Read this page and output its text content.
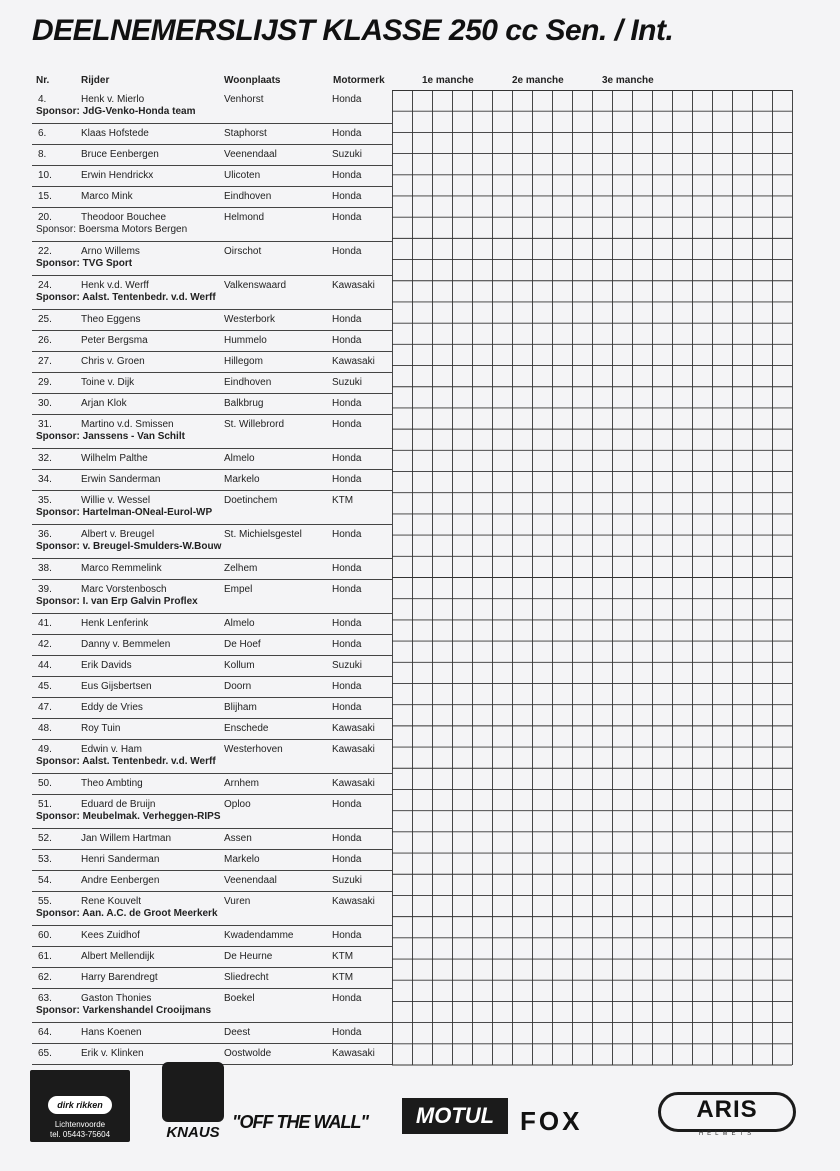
DEELNEMERSLIJST KLASSE 250 cc Sen. / Int.
Nr.	Rijder	Woonplaats	Motormerk	1e manche	2e manche	3e manche
4.	Henk v. Mierlo	Venhorst	Honda
Sponsor: JdG-Venko-Honda team
6.	Klaas Hofstede	Staphorst	Honda
8.	Bruce Eenbergen	Veenendaal	Suzuki
10.	Erwin Hendrickx	Ulicoten	Honda
15.	Marco Mink	Eindhoven	Honda
20.	Theodoor Bouchee	Helmond	Honda
Sponsor: Boersma Motors Bergen
22.	Arno Willems	Oirschot	Honda
Sponsor: TVG Sport
24.	Henk v.d. Werff	Valkenswaard	Kawasaki
Sponsor: Aalst. Tentenbedr. v.d. Werff
25.	Theo Eggens	Westerbork	Honda
26.	Peter Bergsma	Hummelo	Honda
27.	Chris v. Groen	Hillegom	Kawasaki
29.	Toine v. Dijk	Eindhoven	Suzuki
30.	Arjan Klok	Balkbrug	Honda
31.	Martino v.d. Smissen	St. Willebrord	Honda
Sponsor: Janssens - Van Schilt
32.	Wilhelm Palthe	Almelo	Honda
34.	Erwin Sanderman	Markelo	Honda
35.	Willie v. Wessel	Doetinchem	KTM
Sponsor: Hartelman-ONeal-Eurol-WP
36.	Albert v. Breugel	St. Michielsgestel	Honda
Sponsor: v. Breugel-Smulders-W.Bouw
38.	Marco Remmelink	Zelhem	Honda
39.	Marc Vorstenbosch	Empel	Honda
Sponsor: I. van Erp Galvin Proflex
41.	Henk Lenferink	Almelo	Honda
42.	Danny v. Bemmelen	De Hoef	Honda
44.	Erik Davids	Kollum	Suzuki
45.	Eus Gijsbertsen	Doorn	Honda
47.	Eddy de Vries	Blijham	Honda
48.	Roy Tuin	Enschede	Kawasaki
49.	Edwin v. Ham	Westerhoven	Kawasaki
Sponsor: Aalst. Tentenbedr. v.d. Werff
50.	Theo Ambting	Arnhem	Kawasaki
51.	Eduard de Bruijn	Oploo	Honda
Sponsor: Meubelmak. Verheggen-RIPS
52.	Jan Willem Hartman	Assen	Honda
53.	Henri Sanderman	Markelo	Honda
54.	Andre Eenbergen	Veenendaal	Suzuki
55.	Rene Kouvelt	Vuren	Kawasaki
Sponsor: Aan. A.C. de Groot Meerkerk
60.	Kees Zuidhof	Kwadendamme	Honda
61.	Albert Mellendijk	De Heurne	KTM
62.	Harry Barendregt	Sliedrecht	KTM
63.	Gaston Thonies	Boekel	Honda
Sponsor: Varkenshandel Crooijmans
64.	Hans Koenen	Deest	Honda
65.	Erik v. Klinken	Oostwolde	Kawasaki
dirk rikken
Lichtenvoorde
tel. 05443-75604	KNAUS
"OFF THE WALL"	MOTUL FOX	ARIS
HELMETS
